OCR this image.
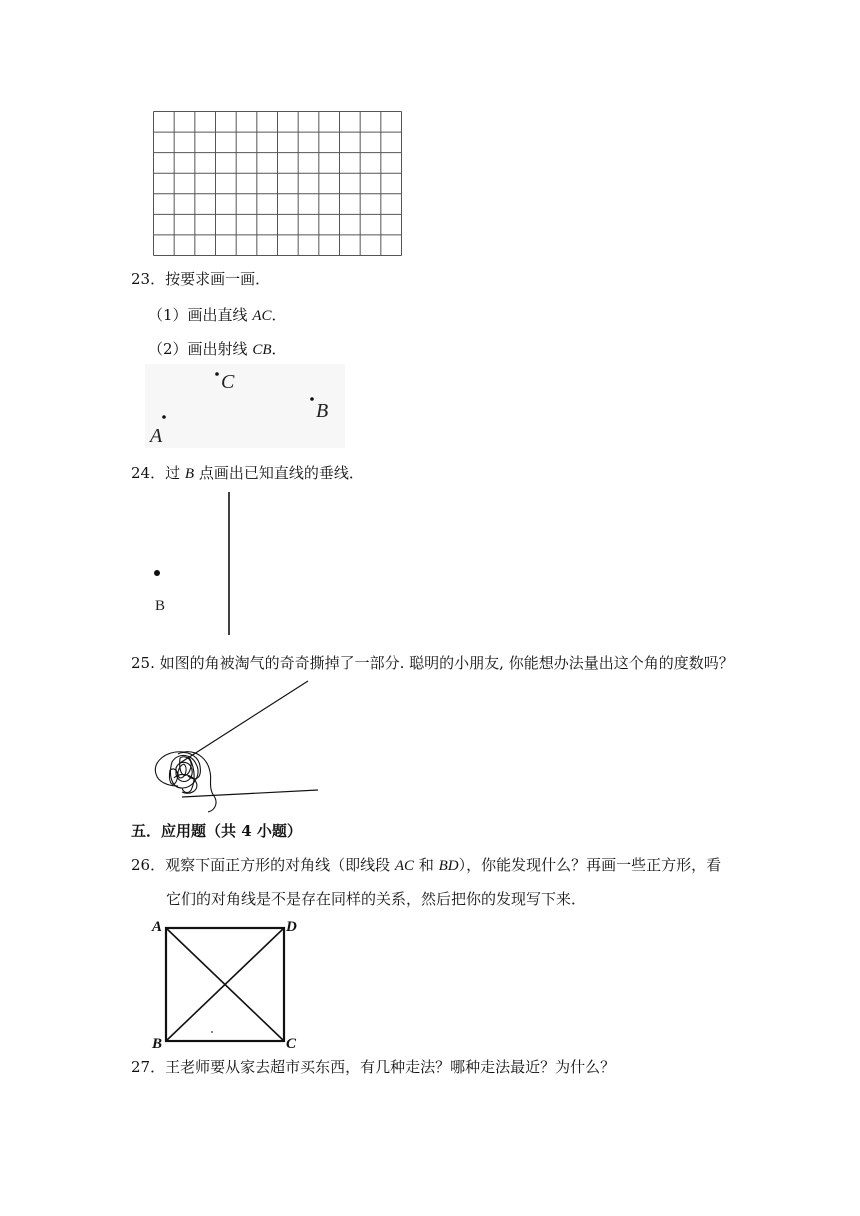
23．按要求画一画．
（1）画出直线 AC．
（2）画出射线 CB．
C
B
A
24．过 B 点画出已知直线的垂线．
B
25. 如图的角被淘气的奇奇撕掉了一部分. 聪明的小朋友, 你能想办法量出这个角的度数吗？
五．应用题（共 4 小题）
26．观察下面正方形的对角线（即线段 AC 和 BD），你能发现什么？再画一些正方形，看
它们的对角线是不是存在同样的关系，然后把你的发现写下来．
A	D
B	C
27．王老师要从家去超市买东西，有几种走法？哪种走法最近？为什么？
